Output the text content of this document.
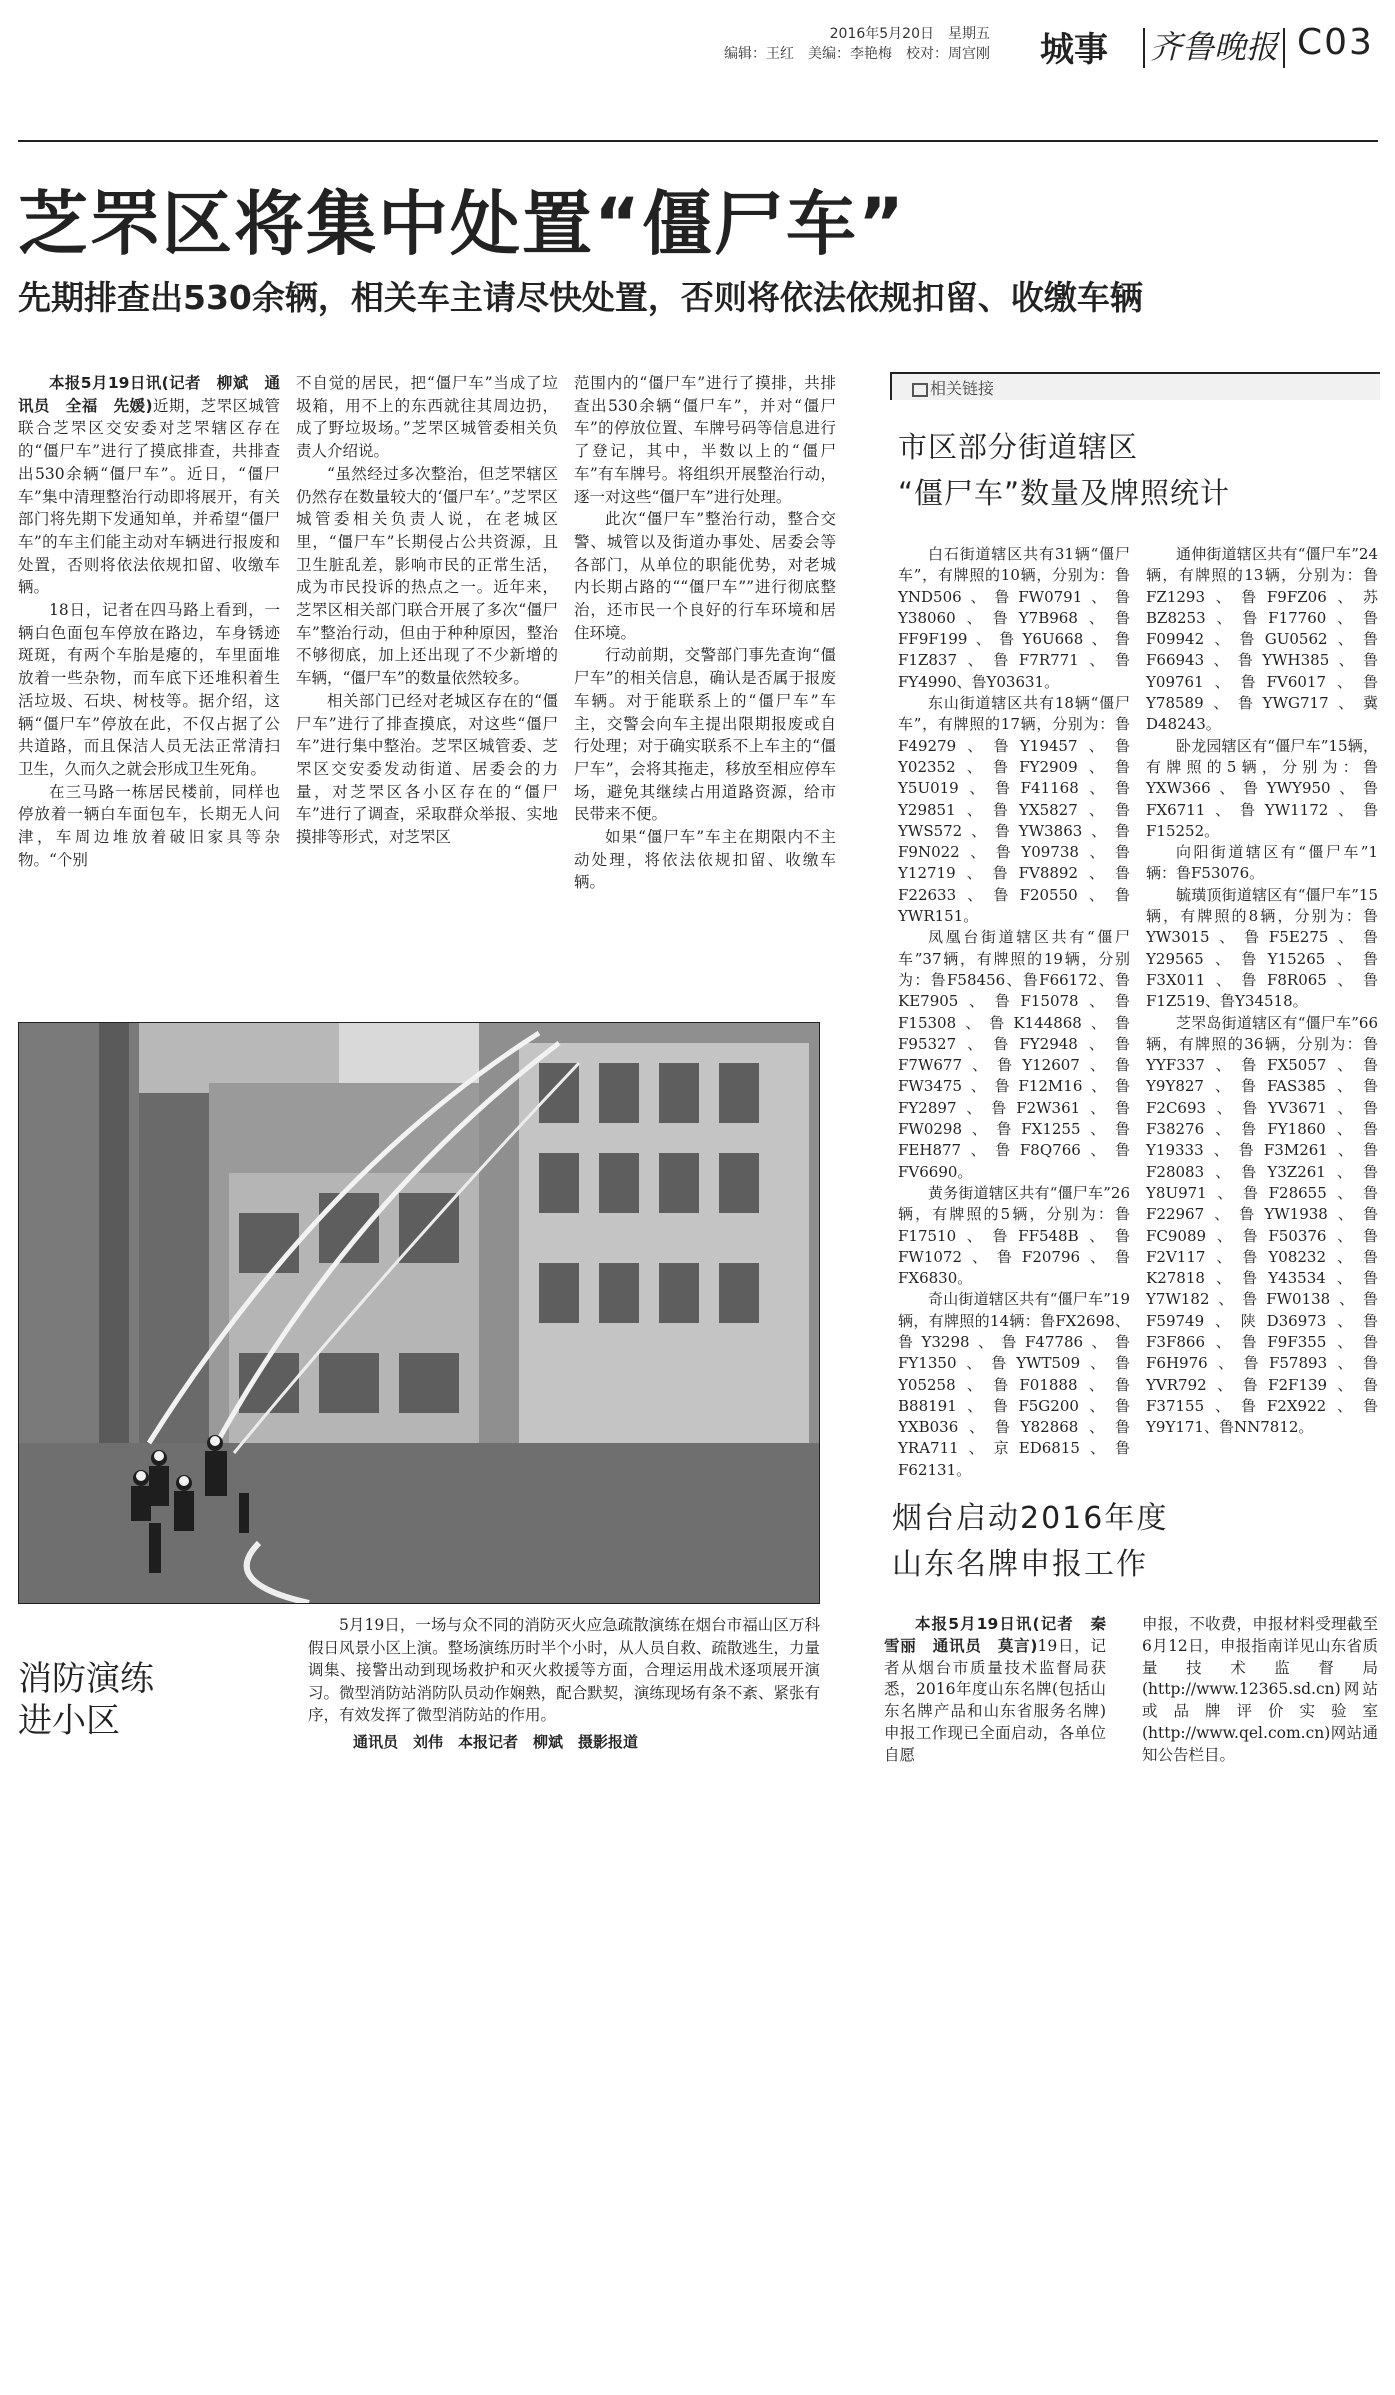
2016年5月20日　星期五
编辑：王红　美编：李艳梅　校对：周宫刚 城事 齐鲁晚报 C03
芝罘区将集中处置“僵尸车”
先期排查出530余辆，相关车主请尽快处置，否则将依法依规扣留、收缴车辆

本报5月19日讯(记者　柳斌　通讯员　全福　先媛)近期，芝罘区城管联合芝罘区交安委对芝罘辖区存在的“僵尸车”进行了摸底排查，共排查出530余辆“僵尸车”。近日，“僵尸车”集中清理整治行动即将展开，有关部门将先期下发通知单，并希望“僵尸车”的车主们能主动对车辆进行报废和处置，否则将依法依规扣留、收缴车辆。

18日，记者在四马路上看到，一辆白色面包车停放在路边，车身锈迹斑斑，有两个车胎是瘪的，车里面堆放着一些杂物，而车底下还堆积着生活垃圾、石块、树枝等。据介绍，这辆“僵尸车”停放在此，不仅占据了公共道路，而且保洁人员无法正常清扫卫生，久而久之就会形成卫生死角。

在三马路一栋居民楼前，同样也停放着一辆白车面包车，长期无人问津，车周边堆放着破旧家具等杂物。“个别

不自觉的居民，把“僵尸车”当成了垃圾箱，用不上的东西就往其周边扔，成了野垃圾场。”芝罘区城管委相关负责人介绍说。

“虽然经过多次整治，但芝罘辖区仍然存在数量较大的‘僵尸车’。”芝罘区城管委相关负责人说，在老城区里，“僵尸车”长期侵占公共资源，且卫生脏乱差，影响市民的正常生活，成为市民投诉的热点之一。近年来，芝罘区相关部门联合开展了多次“僵尸车”整治行动，但由于种种原因，整治不够彻底，加上还出现了不少新增的车辆，“僵尸车”的数量依然较多。

相关部门已经对老城区存在的“僵尸车”进行了排查摸底，对这些“僵尸车”进行集中整治。芝罘区城管委、芝罘区交安委发动街道、居委会的力量，对芝罘区各小区存在的“僵尸车”进行了调查，采取群众举报、实地摸排等形式，对芝罘区

范围内的“僵尸车”进行了摸排，共排查出530余辆“僵尸车”，并对“僵尸车”的停放位置、车牌号码等信息进行了登记，其中，半数以上的“僵尸车”有车牌号。将组织开展整治行动，逐一对这些“僵尸车”进行处理。

此次“僵尸车”整治行动，整合交警、城管以及街道办事处、居委会等各部门，从单位的职能优势，对老城内长期占路的““僵尸车””进行彻底整治，还市民一个良好的行车环境和居住环境。

行动前期，交警部门事先查询“僵尸车”的相关信息，确认是否属于报废车辆。对于能联系上的“僵尸车”车主，交警会向车主提出限期报废或自行处理；对于确实联系不上车主的“僵尸车”，会将其拖走，移放至相应停车场，避免其继续占用道路资源，给市民带来不便。

如果“僵尸车”车主在期限内不主动处理，将依法依规扣留、收缴车辆。

相关链接
市区部分街道辖区
“僵尸车”数量及牌照统计

白石街道辖区共有31辆“僵尸车”，有牌照的10辆，分别为：鲁YND506、鲁FW0791、鲁Y38060、鲁Y7B968、鲁FF9F199、鲁Y6U668、鲁F1Z837、鲁F7R771、鲁FY4990、鲁Y03631。

东山街道辖区共有18辆“僵尸车”，有牌照的17辆，分别为：鲁F49279、鲁Y19457、鲁Y02352、鲁FY2909、鲁Y5U019、鲁F41168、鲁Y29851、鲁YX5827、鲁YWS572、鲁YW3863、鲁F9N022、鲁Y09738、鲁Y12719、鲁FV8892、鲁F22633、鲁F20550、鲁YWR151。

凤凰台街道辖区共有“僵尸车”37辆，有牌照的19辆，分别为：鲁F58456、鲁F66172、鲁KE7905、鲁F15078、鲁F15308、鲁K144868、鲁F95327、鲁FY2948、鲁F7W677、鲁Y12607、鲁FW3475、鲁F12M16、鲁FY2897、鲁F2W361、鲁FW0298、鲁FX1255、鲁FEH877、鲁F8Q766、鲁FV6690。

黄务街道辖区共有“僵尸车”26辆，有牌照的5辆，分别为：鲁F17510、鲁FF548B、鲁FW1072、鲁F20796、鲁FX6830。

奇山街道辖区共有“僵尸车”19辆，有牌照的14辆：鲁FX2698、鲁Y3298、鲁F47786、鲁FY1350、鲁YWT509、鲁Y05258、鲁F01888、鲁B88191、鲁F5G200、鲁YXB036、鲁Y82868、鲁YRA711、京ED6815、鲁F62131。

通伸街道辖区共有“僵尸车”24辆，有牌照的13辆，分别为：鲁FZ1293、鲁F9FZ06、苏BZ8253、鲁F17760、鲁F09942、鲁GU0562、鲁F66943、鲁YWH385、鲁Y09761、鲁FV6017、鲁Y78589、鲁YWG717、冀D48243。

卧龙园辖区有“僵尸车”15辆，有牌照的5辆，分别为：鲁YXW366、鲁YWY950、鲁FX6711、鲁YW1172、鲁F15252。

向阳街道辖区有“僵尸车”1辆：鲁F53076。

毓璜顶街道辖区有“僵尸车”15辆，有牌照的8辆，分别为：鲁YW3015、鲁F5E275、鲁Y29565、鲁Y15265、鲁F3X011、鲁F8R065、鲁F1Z519、鲁Y34518。

芝罘岛街道辖区有“僵尸车”66辆，有牌照的36辆，分别为：鲁YYF337、鲁FX5057、鲁Y9Y827、鲁FAS385、鲁F2C693、鲁YV3671、鲁F38276、鲁FY1860、鲁Y19333、鲁F3M261、鲁F28083、鲁Y3Z261、鲁Y8U971、鲁F28655、鲁F22967、鲁YW1938、鲁FC9089、鲁F50376、鲁F2V117、鲁Y08232、鲁K27818、鲁Y43534、鲁Y7W182、鲁FW0138、鲁F59749、陕D36973、鲁F3F866、鲁F9F355、鲁F6H976、鲁F57893、鲁YVR792、鲁F2F139、鲁F37155、鲁F2X922、鲁Y9Y171、鲁NN7812。

消防演练
进小区

5月19日，一场与众不同的消防灭火应急疏散演练在烟台市福山区万科假日风景小区上演。整场演练历时半个小时，从人员自救、疏散逃生，力量调集、接警出动到现场救护和灭火救援等方面，合理运用战术逐项展开演习。微型消防站消防队员动作娴熟，配合默契，演练现场有条不紊、紧张有序，有效发挥了微型消防站的作用。

通讯员　刘伟　本报记者　柳斌　摄影报道
烟台启动2016年度
山东名牌申报工作

本报5月19日讯(记者　秦雪丽　通讯员　莫言)19日，记者从烟台市质量技术监督局获悉，2016年度山东名牌(包括山东名牌产品和山东省服务名牌)申报工作现已全面启动，各单位自愿

申报，不收费，申报材料受理截至6月12日，申报指南详见山东省质量技术监督局(http://www.12365.sd.cn)网站或品牌评价实验室(http://www.qel.com.cn)网站通知公告栏目。
